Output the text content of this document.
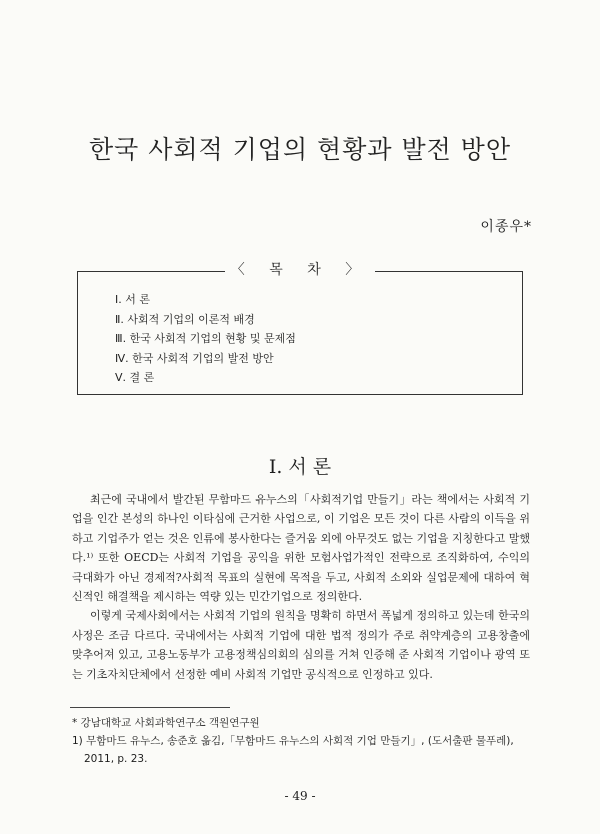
한국 사회적 기업의 현황과 발전 방안
이종우*
〈 목 차 〉
Ⅰ. 서 론
Ⅱ. 사회적 기업의 이론적 배경
Ⅲ. 한국 사회적 기업의 현황 및 문제점
Ⅳ. 한국 사회적 기업의 발전 방안
Ⅴ. 결 론
Ⅰ. 서 론

최근에 국내에서 발간된 무함마드 유누스의「사회적기업 만들기」라는 책에서는 사회적 기업을 인간 본성의 하나인 이타심에 근거한 사업으로, 이 기업은 모든 것이 다른 사람의 이득을 위하고 기업주가 얻는 것은 인류에 봉사한다는 즐거움 외에 아무것도 없는 기업을 지칭한다고 말했다.¹⁾ 또한 OECD는 사회적 기업을 공익을 위한 모험사업가적인 전략으로 조직화하여, 수익의 극대화가 아닌 경제적?사회적 목표의 실현에 목적을 두고, 사회적 소외와 실업문제에 대하여 혁신적인 해결책을 제시하는 역량 있는 민간기업으로 정의한다.

이렇게 국제사회에서는 사회적 기업의 원칙을 명확히 하면서 폭넓게 정의하고 있는데 한국의 사정은 조금 다르다. 국내에서는 사회적 기업에 대한 법적 정의가 주로 취약계층의 고용창출에 맞추어져 있고, 고용노동부가 고용정책심의회의 심의를 거쳐 인증해 준 사회적 기업이나 광역 또는 기초자치단체에서 선정한 예비 사회적 기업만 공식적으로 인정하고 있다.

* 강남대학교 사회과학연구소 객원연구원
1) 무함마드 유누스, 송준호 옮김,「무함마드 유누스의 사회적 기업 만들기」, (도서출판 물푸레),
2011, p. 23.
- 49 -
